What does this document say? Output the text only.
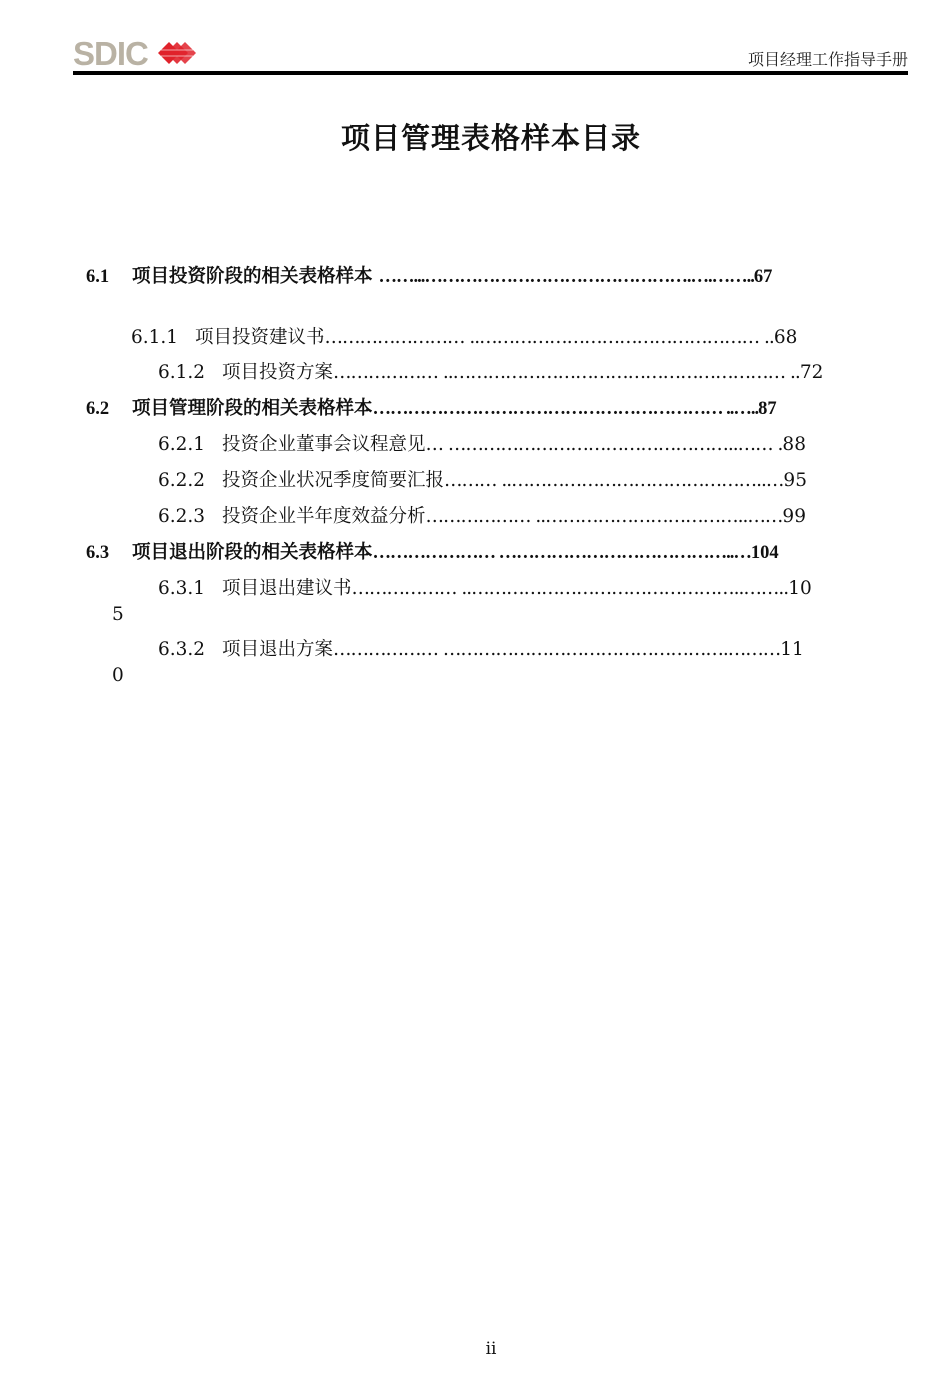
SDIC	项目经理工作指导手册
项目管理表格样本目录
6.1 项目投资阶段的相关表格样本 ……...……………………………………….….……..67
6.1.1 项目投资建议书…………………… ..………………………………………… ..68
6.1.2 项目投资方案……………… ..………………………………………………… ..72
6.2 项目管理阶段的相关表格样本…………………………………………………… ..…..87
6.2.1 投资企业董事会议程意见… …………………………………………..…… .88
6.2.2 投资企业状况季度简要汇报……… ..……………………………………..…95
6.2.3 投资企业半年度效益分析……………… ..……………………………..……99
6.3 项目退出阶段的相关表格样本………………… …………………………………..…104
6.3.1 项目退出建议书……………… ..………………………………………..……..10
5
6.3.2 项目退出方案……………… ………………………………………….………11
0
ii
